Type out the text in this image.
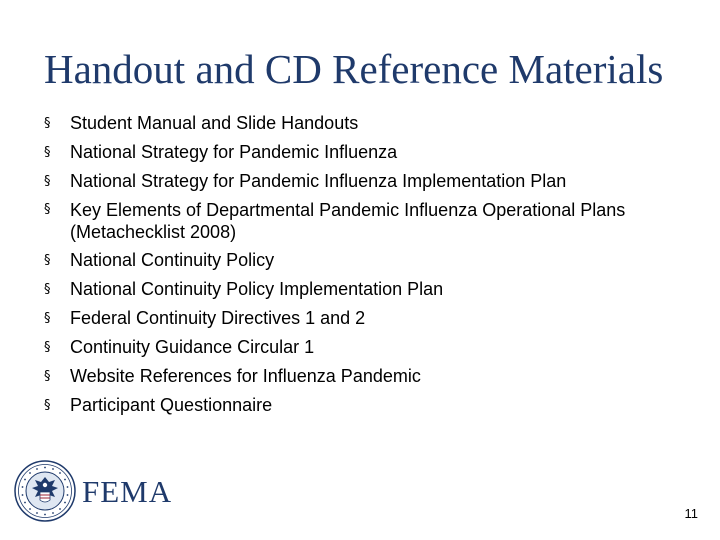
Handout and CD Reference Materials
§ Student Manual and Slide Handouts
§ National Strategy for Pandemic Influenza
§ National Strategy for Pandemic Influenza Implementation Plan
§ Key Elements of Departmental Pandemic Influenza Operational Plans (Metachecklist 2008)
§ National Continuity Policy
§ National Continuity Policy Implementation Plan
§ Federal Continuity Directives 1 and 2
§ Continuity Guidance Circular 1
§ Website References for Influenza Pandemic
§ Participant Questionnaire
FEMA
11
